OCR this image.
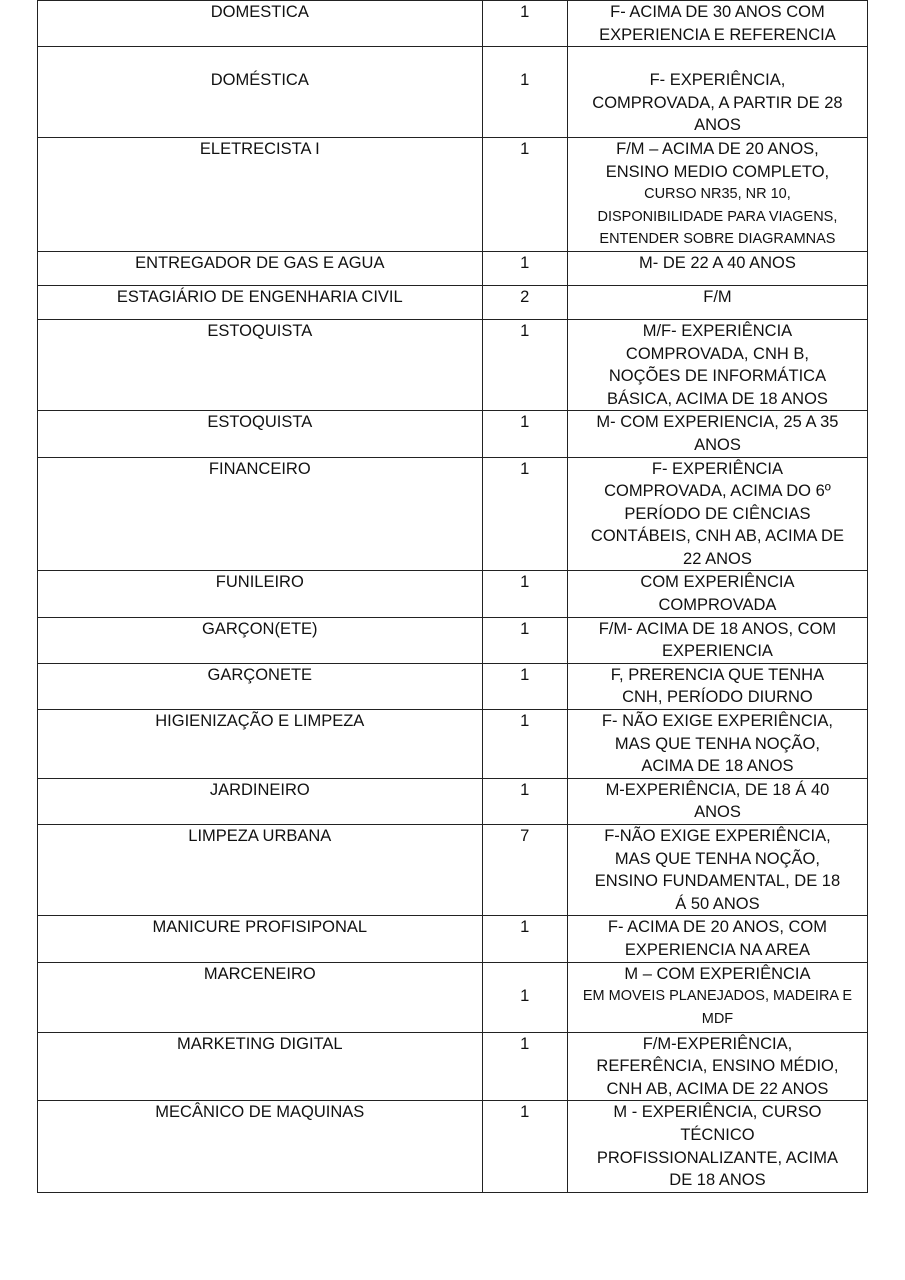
DOMESTICA	1	F- ACIMA DE 30 ANOS COM
EXPERIENCIA E REFERENCIA

DOMÉSTICA	1	F- EXPERIÊNCIA,
COMPROVADA, A PARTIR DE 28
ANOS

ELETRECISTA I	1	F/M – ACIMA DE 20 ANOS,
ENSINO MEDIO COMPLETO,
CURSO NR35, NR 10,
DISPONIBILIDADE PARA VIAGENS,
ENTENDER SOBRE DIAGRAMNAS

ENTREGADOR DE GAS E AGUA	1	M- DE 22 A 40 ANOS

ESTAGIÁRIO DE ENGENHARIA CIVIL	2	F/M

ESTOQUISTA	1	M/F- EXPERIÊNCIA
COMPROVADA, CNH B,
NOÇÕES DE INFORMÁTICA
BÁSICA, ACIMA DE 18 ANOS

ESTOQUISTA	1	M- COM EXPERIENCIA, 25 A 35
ANOS

FINANCEIRO	1	F- EXPERIÊNCIA
COMPROVADA, ACIMA DO 6º
PERÍODO DE CIÊNCIAS
CONTÁBEIS, CNH AB, ACIMA DE
22 ANOS

FUNILEIRO	1	COM EXPERIÊNCIA
COMPROVADA

GARÇON(ETE)	1	F/M- ACIMA DE 18 ANOS, COM
EXPERIENCIA

GARÇONETE	1	F, PRERENCIA QUE TENHA
CNH, PERÍODO DIURNO

HIGIENIZAÇÃO E LIMPEZA	1	F- NÃO EXIGE EXPERIÊNCIA,
MAS QUE TENHA NOÇÃO,
ACIMA DE 18 ANOS

JARDINEIRO	1	M-EXPERIÊNCIA, DE 18 Á 40
ANOS

LIMPEZA URBANA	7	F-NÃO EXIGE EXPERIÊNCIA,
MAS QUE TENHA NOÇÃO,
ENSINO FUNDAMENTAL, DE 18
Á 50 ANOS

MANICURE PROFISIPONAL	1	F- ACIMA DE 20 ANOS, COM
EXPERIENCIA NA AREA

MARCENEIRO	1	M – COM EXPERIÊNCIA
EM MOVEIS PLANEJADOS, MADEIRA E
MDF

MARKETING DIGITAL	1	F/M-EXPERIÊNCIA,
REFERÊNCIA, ENSINO MÉDIO,
CNH AB, ACIMA DE 22 ANOS

MECÂNICO DE MAQUINAS	1	M - EXPERIÊNCIA, CURSO
TÉCNICO
PROFISSIONALIZANTE, ACIMA
DE 18 ANOS
